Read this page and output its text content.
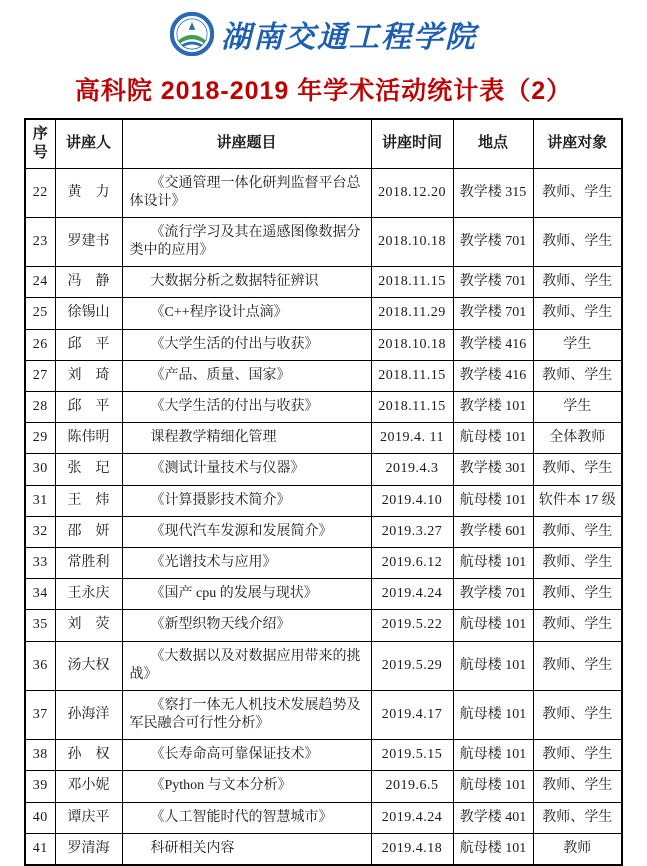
湖南交通工程学院
高科院 2018-2019 年学术活动统计表（2）
序号	讲座人	讲座题目	讲座时间	地点	讲座对象
22	黄　力	《交通管理一体化研判监督平台总体设计》	2018.12.20	教学楼 315	教师、学生
23	罗建书	《流行学习及其在遥感图像数据分类中的应用》	2018.10.18	教学楼 701	教师、学生
24	冯　静	大数据分析之数据特征辨识	2018.11.15	教学楼 701	教师、学生
25	徐锡山	《C++程序设计点滴》	2018.11.29	教学楼 701	教师、学生
26	邱　平	《大学生活的付出与收获》	2018.10.18	教学楼 416	学生
27	刘　琦	《产品、质量、国家》	2018.11.15	教学楼 416	教师、学生
28	邱　平	《大学生活的付出与收获》	2018.11.15	教学楼 101	学生
29	陈伟明	课程教学精细化管理	2019.4. 11	航母楼 101	全体教师
30	张　玘	《测试计量技术与仪器》	2019.4.3	教学楼 301	教师、学生
31	王　炜	《计算摄影技术简介》	2019.4.10	航母楼 101	软件本 17 级
32	邵　妍	《现代汽车发源和发展简介》	2019.3.27	教学楼 601	教师、学生
33	常胜利	《光谱技术与应用》	2019.6.12	航母楼 101	教师、学生
34	王永庆	《国产 cpu 的发展与现状》	2019.4.24	教学楼 701	教师、学生
35	刘　荧	《新型织物天线介绍》	2019.5.22	航母楼 101	教师、学生
36	汤大权	《大数据以及对数据应用带来的挑战》	2019.5.29	航母楼 101	教师、学生
37	孙海洋	《察打一体无人机技术发展趋势及军民融合可行性分析》	2019.4.17	航母楼 101	教师、学生
38	孙　权	《长寿命高可靠保证技术》	2019.5.15	航母楼 101	教师、学生
39	邓小妮	《Python 与文本分析》	2019.6.5	航母楼 101	教师、学生
40	谭庆平	《人工智能时代的智慧城市》	2019.4.24	教学楼 401	教师、学生
41	罗清海	科研相关内容	2019.4.18	航母楼 101	教师
